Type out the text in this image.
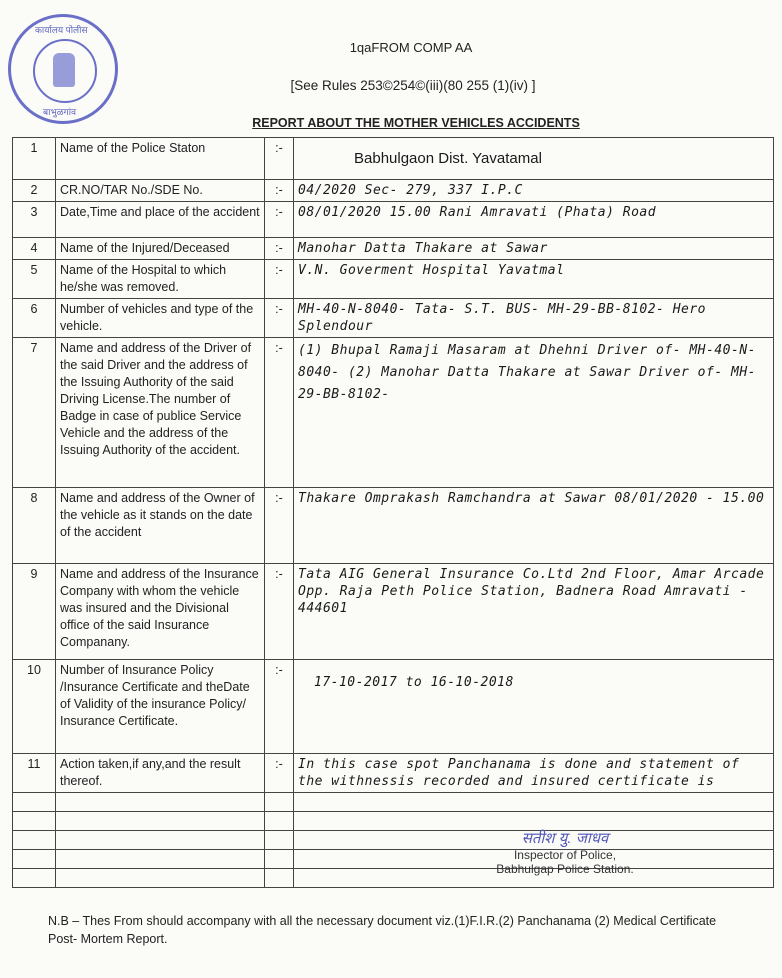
कार्यालय पोलीस
बाभुळगांव
1qaFROM COMP AA
[See Rules 253©254©(iii)(80 255 (1)(iv) ]
REPORT ABOUT THE MOTHER VEHICLES ACCIDENTS
1	Name of the Police Staton	:-	Babhulgaon Dist. Yavatamal
2	CR.NO/TAR No./SDE No.	:-	04/2020 Sec- 279, 337 I.P.C
3	Date,Time and place of the accident	:-	08/01/2020 15.00 Rani Amravati (Phata) Road
4	Name of the Injured/Deceased	:-	Manohar Datta Thakare at Sawar
5	Name of the Hospital to which he/she was removed.	:-	V.N. Goverment Hospital Yavatmal
6	Number of vehicles and type of the vehicle.	:-	MH-40-N-8040- Tata- S.T. BUS- MH-29-BB-8102- Hero Splendour
7	Name and address of the Driver of the said Driver and the address of the Issuing Authority of the said Driving License.The number of Badge in case of publice Service Vehicle and the address of the Issuing Authority of the accident.	:-	(1) Bhupal Ramaji Masaram at Dhehni Driver of- MH-40-N-8040- (2) Manohar Datta Thakare at Sawar Driver of- MH-29-BB-8102-
8	Name and address of the Owner of the vehicle as it stands on the date of the accident	:-	Thakare Omprakash Ramchandra at Sawar 08/01/2020 - 15.00
9	Name and address of the Insurance Company with whom the vehicle was insured and the Divisional office of the said Insurance Companany.	:-	Tata AIG General Insurance Co.Ltd 2nd Floor, Amar Arcade Opp. Raja Peth Police Station, Badnera Road Amravati - 444601
10	Number of Insurance Policy /Insurance Certificate and theDate of Validity of the insurance Policy/ Insurance Certificate.	:-	17-10-2017 to 16-10-2018
11	Action taken,if any,and the result thereof.	:-	In this case spot Panchanama is done and statement of the withnessis recorded and insured certificate is

सतीश यु. जाधव
Inspector of Police,
Babhulgap Police Station.
N.B – Thes From should accompany with all the necessary document viz.(1)F.I.R.(2) Panchanama (2) Medical Certificate Post- Mortem Report.
